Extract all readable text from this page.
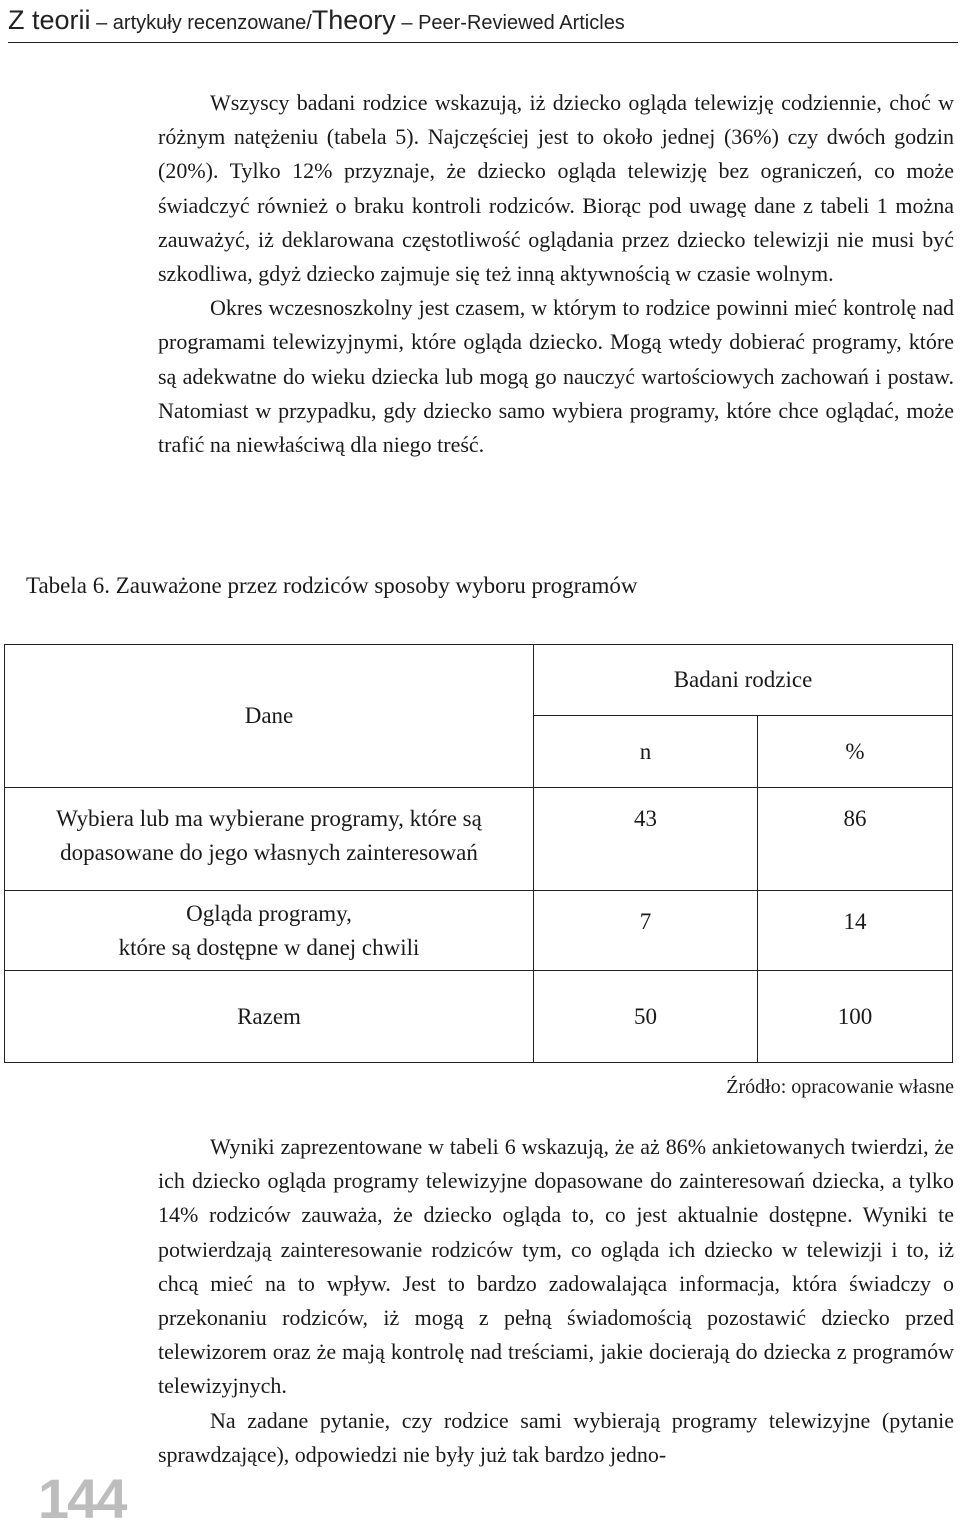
Z teorii – artykuły recenzowane/Theory – Peer-Reviewed Articles

Wszyscy badani rodzice wskazują, iż dziecko ogląda telewizję codziennie, choć w różnym natężeniu (tabela 5). Najczęściej jest to około jednej (36%) czy dwóch godzin (20%). Tylko 12% przyznaje, że dziecko ogląda telewizję bez ograniczeń, co może świadczyć również o braku kontroli rodziców. Biorąc pod uwagę dane z tabeli 1 można zauważyć, iż deklarowana częstotliwość oglądania przez dziecko telewizji nie musi być szkodliwa, gdyż dziecko zajmuje się też inną aktywnością w czasie wolnym.

Okres wczesnoszkolny jest czasem, w którym to rodzice powinni mieć kontrolę nad programami telewizyjnymi, które ogląda dziecko. Mogą wtedy dobierać programy, które są adekwatne do wieku dziecka lub mogą go nauczyć wartościowych zachowań i postaw. Natomiast w przypadku, gdy dziecko samo wybiera programy, które chce oglądać, może trafić na niewłaściwą dla niego treść.

Tabela 6. Zauważone przez rodziców sposoby wyboru programów

Dane	Badani rodzice	
	n	%
Wybiera lub ma wybierane programy, które są
dopasowane do jego własnych zainteresowań	43	86
Ogląda programy,
które są dostępne w danej chwili	7	14
Razem	50	100

Źródło: opracowanie własne

Wyniki zaprezentowane w tabeli 6 wskazują, że aż 86% ankietowanych twierdzi, że ich dziecko ogląda programy telewizyjne dopasowane do zainteresowań dziecka, a tylko 14% rodziców zauważa, że dziecko ogląda to, co jest aktualnie dostępne. Wyniki te potwierdzają zainteresowanie rodziców tym, co ogląda ich dziecko w telewizji i to, iż chcą mieć na to wpływ. Jest to bardzo zadowalająca informacja, która świadczy o przekonaniu rodziców, iż mogą z pełną świadomością pozostawić dziecko przed telewizorem oraz że mają kontrolę nad treściami, jakie docierają do dziecka z programów telewizyjnych.

Na zadane pytanie, czy rodzice sami wybierają programy telewizyjne (pytanie sprawdzające), odpowiedzi nie były już tak bardzo jedno-

144
